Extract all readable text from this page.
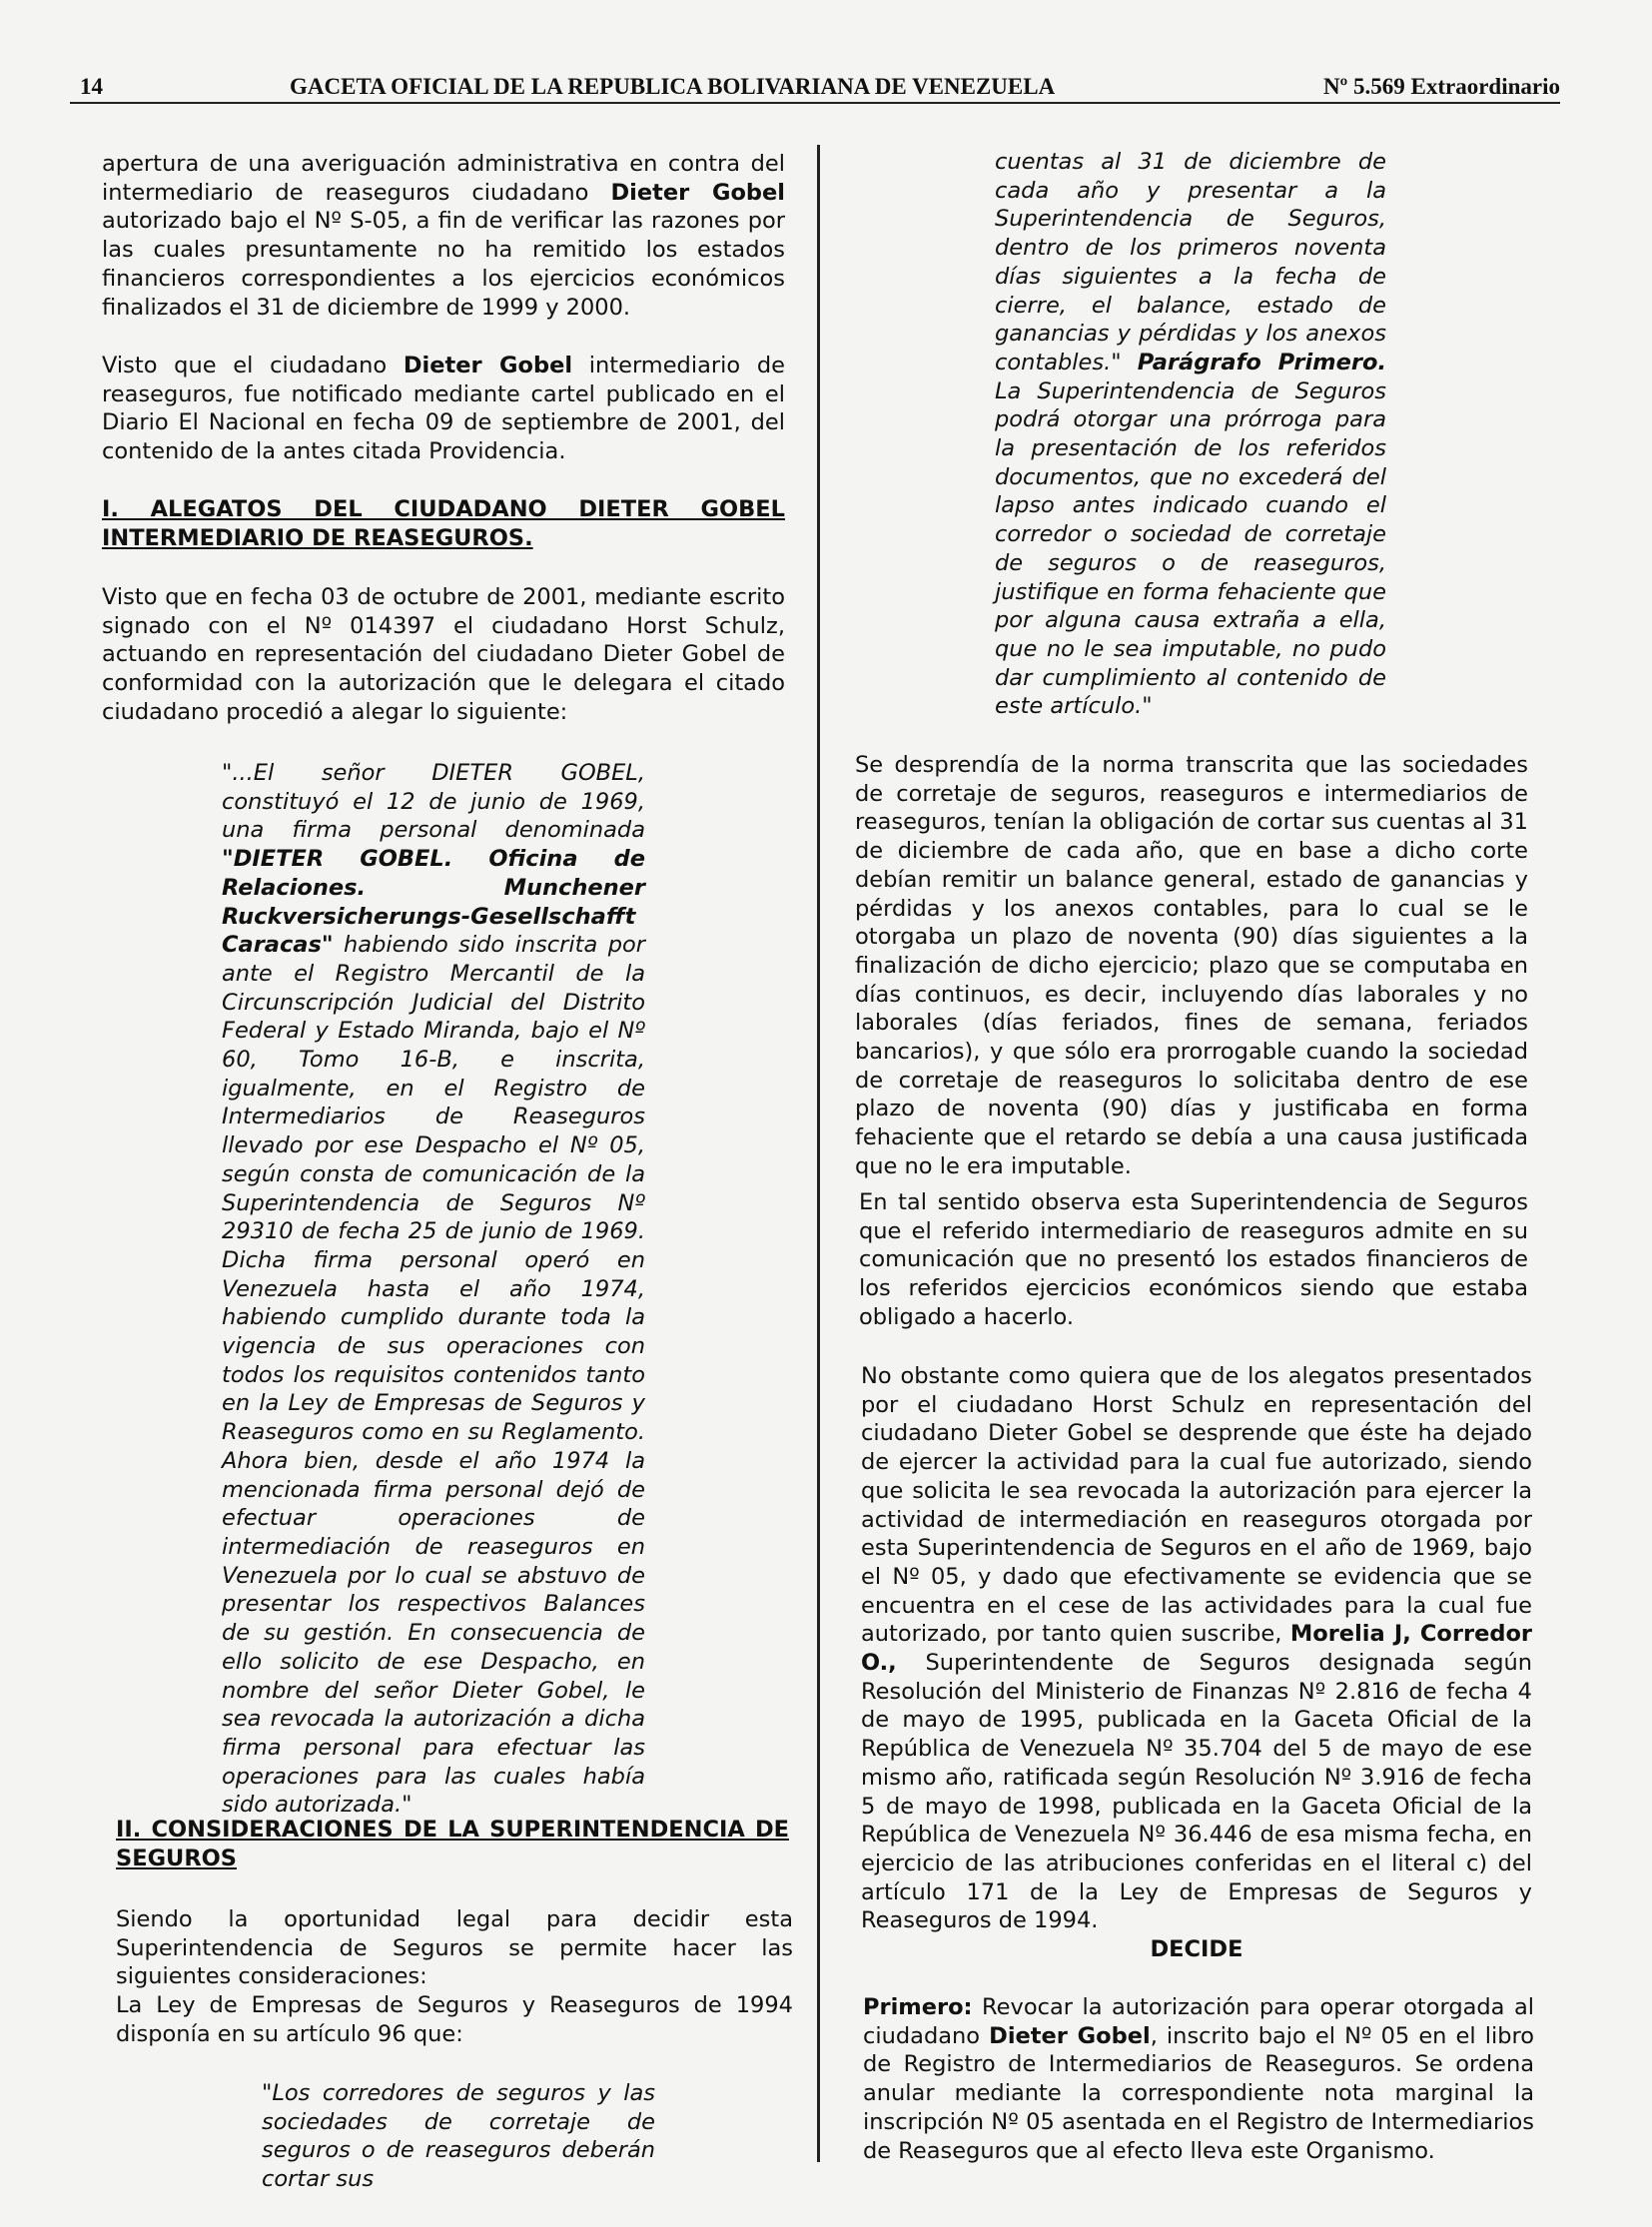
14	GACETA OFICIAL DE LA REPUBLICA BOLIVARIANA DE VENEZUELA	Nº 5.569 Extraordinario

apertura de una averiguación administrativa en contra del intermediario de reaseguros ciudadano Dieter Gobel autorizado bajo el Nº S-05, a fin de verificar las razones por las cuales presuntamente no ha remitido los estados financieros correspondientes a los ejercicios económicos finalizados el 31 de diciembre de 1999 y 2000.

Visto que el ciudadano Dieter Gobel intermediario de reaseguros, fue notificado mediante cartel publicado en el Diario El Nacional en fecha 09 de septiembre de 2001, del contenido de la antes citada Providencia.

I. ALEGATOS DEL CIUDADANO DIETER GOBEL INTERMEDIARIO DE REASEGUROS.

Visto que en fecha 03 de octubre de 2001, mediante escrito signado con el Nº 014397 el ciudadano Horst Schulz, actuando en representación del ciudadano Dieter Gobel de conformidad con la autorización que le delegara el citado ciudadano procedió a alegar lo siguiente:

"...El señor DIETER GOBEL, constituyó el 12 de junio de 1969, una firma personal denominada "DIETER GOBEL. Oficina de Relaciones. Munchener Ruckversicherungs-Gesellschafft Caracas" habiendo sido inscrita por ante el Registro Mercantil de la Circunscripción Judicial del Distrito Federal y Estado Miranda, bajo el Nº 60, Tomo 16-B, e inscrita, igualmente, en el Registro de Intermediarios de Reaseguros llevado por ese Despacho el Nº 05, según consta de comunicación de la Superintendencia de Seguros Nº 29310 de fecha 25 de junio de 1969. Dicha firma personal operó en Venezuela hasta el año 1974, habiendo cumplido durante toda la vigencia de sus operaciones con todos los requisitos contenidos tanto en la Ley de Empresas de Seguros y Reaseguros como en su Reglamento. Ahora bien, desde el año 1974 la mencionada firma personal dejó de efectuar operaciones de intermediación de reaseguros en Venezuela por lo cual se abstuvo de presentar los respectivos Balances de su gestión. En consecuencia de ello solicito de ese Despacho, en nombre del señor Dieter Gobel, le sea revocada la autorización a dicha firma personal para efectuar las operaciones para las cuales había sido autorizada."

II. CONSIDERACIONES DE LA SUPERINTENDENCIA DE SEGUROS

Siendo la oportunidad legal para decidir esta Superintendencia de Seguros se permite hacer las siguientes consideraciones:

La Ley de Empresas de Seguros y Reaseguros de 1994 disponía en su artículo 96 que:

"Los corredores de seguros y las sociedades de corretaje de seguros o de reaseguros deberán cortar sus

cuentas al 31 de diciembre de cada año y presentar a la Superintendencia de Seguros, dentro de los primeros noventa días siguientes a la fecha de cierre, el balance, estado de ganancias y pérdidas y los anexos contables." Parágrafo Primero. La Superintendencia de Seguros podrá otorgar una prórroga para la presentación de los referidos documentos, que no excederá del lapso antes indicado cuando el corredor o sociedad de corretaje de seguros o de reaseguros, justifique en forma fehaciente que por alguna causa extraña a ella, que no le sea imputable, no pudo dar cumplimiento al contenido de este artículo."

Se desprendía de la norma transcrita que las sociedades de corretaje de seguros, reaseguros e intermediarios de reaseguros, tenían la obligación de cortar sus cuentas al 31 de diciembre de cada año, que en base a dicho corte debían remitir un balance general, estado de ganancias y pérdidas y los anexos contables, para lo cual se le otorgaba un plazo de noventa (90) días siguientes a la finalización de dicho ejercicio; plazo que se computaba en días continuos, es decir, incluyendo días laborales y no laborales (días feriados, fines de semana, feriados bancarios), y que sólo era prorrogable cuando la sociedad de corretaje de reaseguros lo solicitaba dentro de ese plazo de noventa (90) días y justificaba en forma fehaciente que el retardo se debía a una causa justificada que no le era imputable.

En tal sentido observa esta Superintendencia de Seguros que el referido intermediario de reaseguros admite en su comunicación que no presentó los estados financieros de los referidos ejercicios económicos siendo que estaba obligado a hacerlo.

No obstante como quiera que de los alegatos presentados por el ciudadano Horst Schulz en representación del ciudadano Dieter Gobel se desprende que éste ha dejado de ejercer la actividad para la cual fue autorizado, siendo que solicita le sea revocada la autorización para ejercer la actividad de intermediación en reaseguros otorgada por esta Superintendencia de Seguros en el año de 1969, bajo el Nº 05, y dado que efectivamente se evidencia que se encuentra en el cese de las actividades para la cual fue autorizado, por tanto quien suscribe, Morelia J, Corredor O., Superintendente de Seguros designada según Resolución del Ministerio de Finanzas Nº 2.816 de fecha 4 de mayo de 1995, publicada en la Gaceta Oficial de la República de Venezuela Nº 35.704 del 5 de mayo de ese mismo año, ratificada según Resolución Nº 3.916 de fecha 5 de mayo de 1998, publicada en la Gaceta Oficial de la República de Venezuela Nº 36.446 de esa misma fecha, en ejercicio de las atribuciones conferidas en el literal c) del artículo 171 de la Ley de Empresas de Seguros y Reaseguros de 1994.

DECIDE

Primero: Revocar la autorización para operar otorgada al ciudadano Dieter Gobel, inscrito bajo el Nº 05 en el libro de Registro de Intermediarios de Reaseguros. Se ordena anular mediante la correspondiente nota marginal la inscripción Nº 05 asentada en el Registro de Intermediarios de Reaseguros que al efecto lleva este Organismo.
